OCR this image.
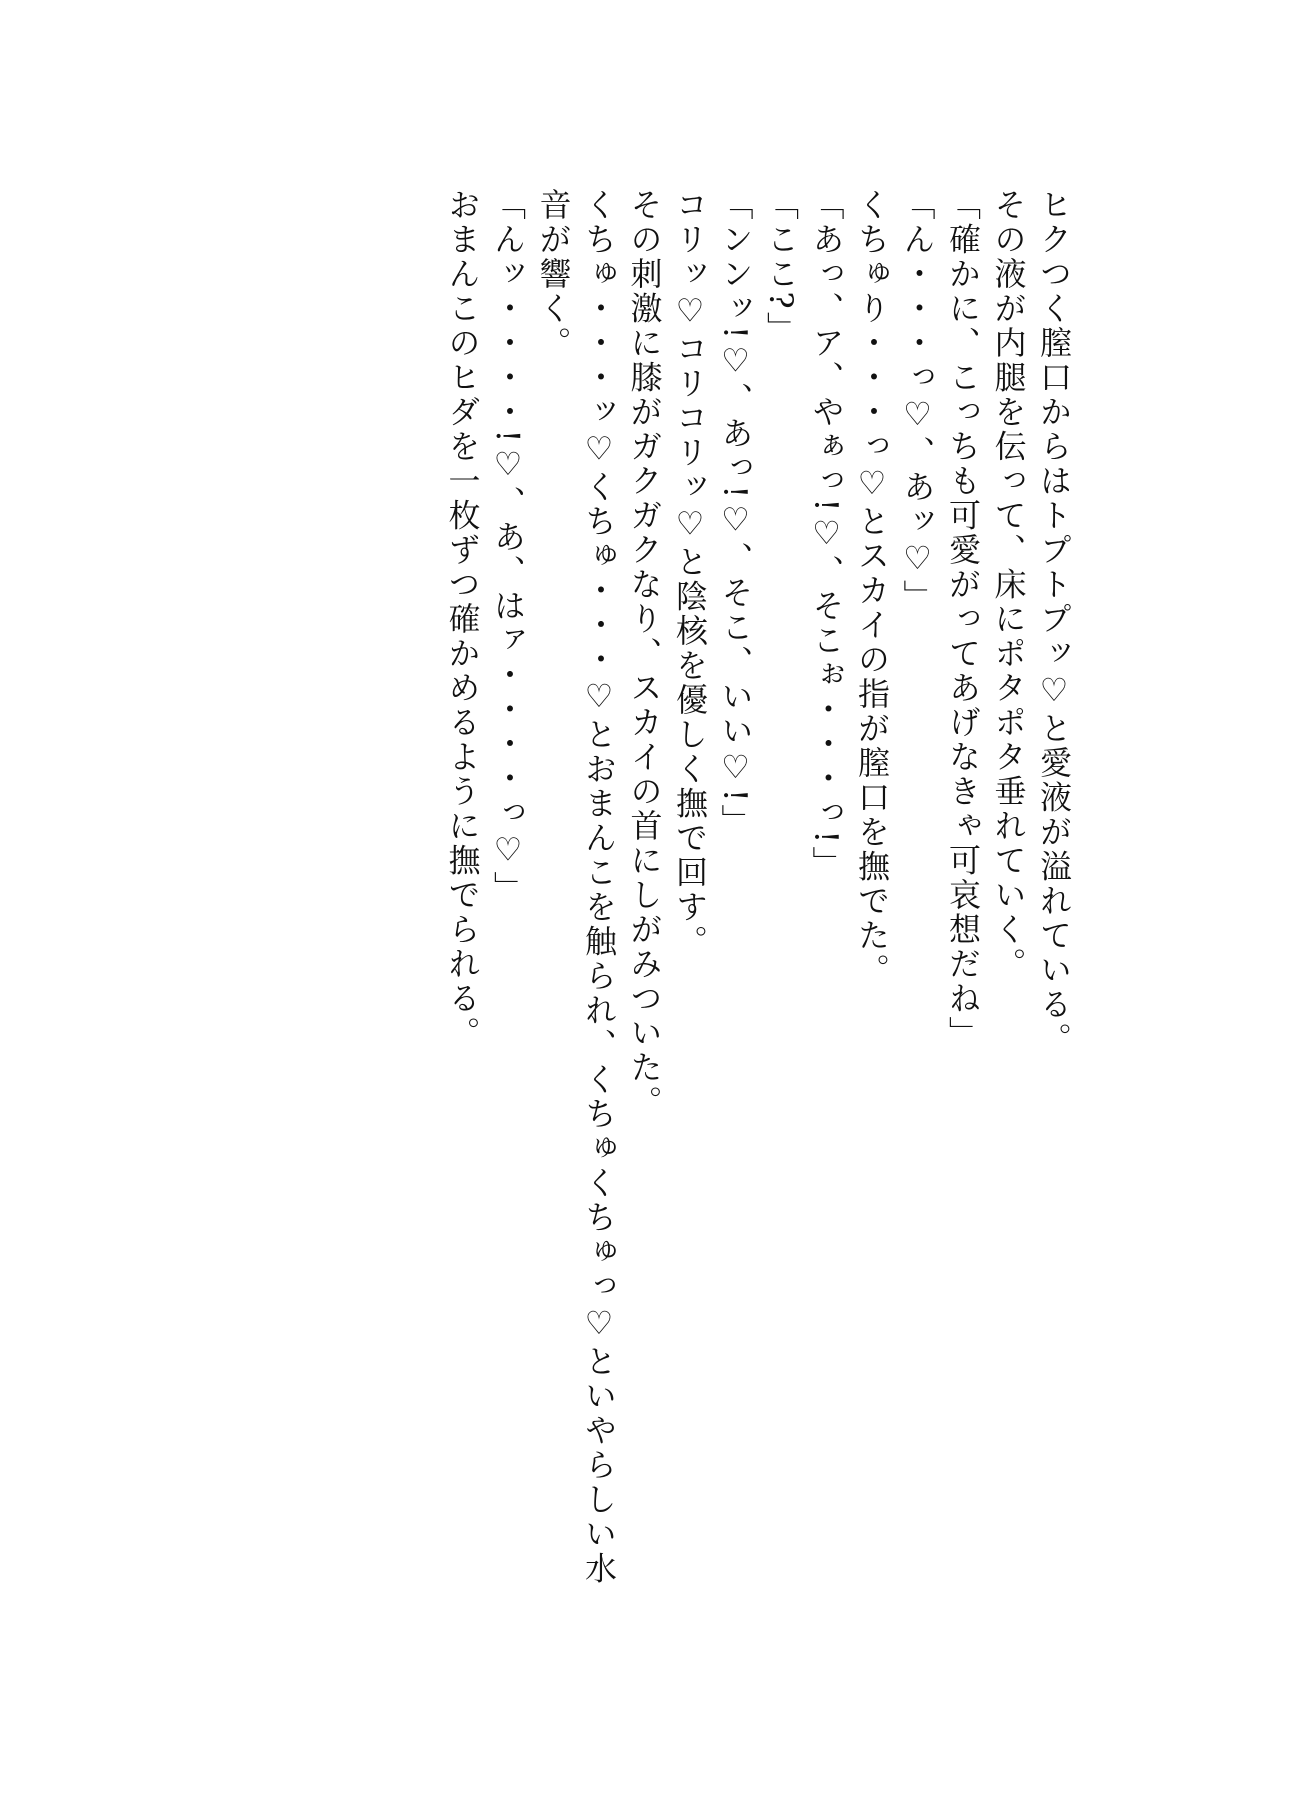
ヒクつく膣口からはトプトプッ♡と愛液が溢れている。
その液が内腿を伝って、床にポタポタ垂れていく。
「確かに、こっちも可愛がってあげなきゃ可哀想だね」
「ん・・・っ♡、あッ♡」
くちゅり・・・っ♡とスカイの指が膣口を撫でた。
「あっ、ア、やぁっ!♡、そこぉ・・・っ!」
「ここ?」
「ンンッ!♡、あっ!♡、そこ、いい♡!」
コリッ♡コリコリッ♡と陰核を優しく撫で回す。
その刺激に膝がガクガクなり、スカイの首にしがみついた。
くちゅ・・・ッ♡くちゅ・・・♡とおまんこを触られ、くちゅくちゅっ♡といやらしい水
音が響く。
「んッ・・・・!♡、あ、はァ・・・・っ♡」
おまんこのヒダを一枚ずつ確かめるように撫でられる。
